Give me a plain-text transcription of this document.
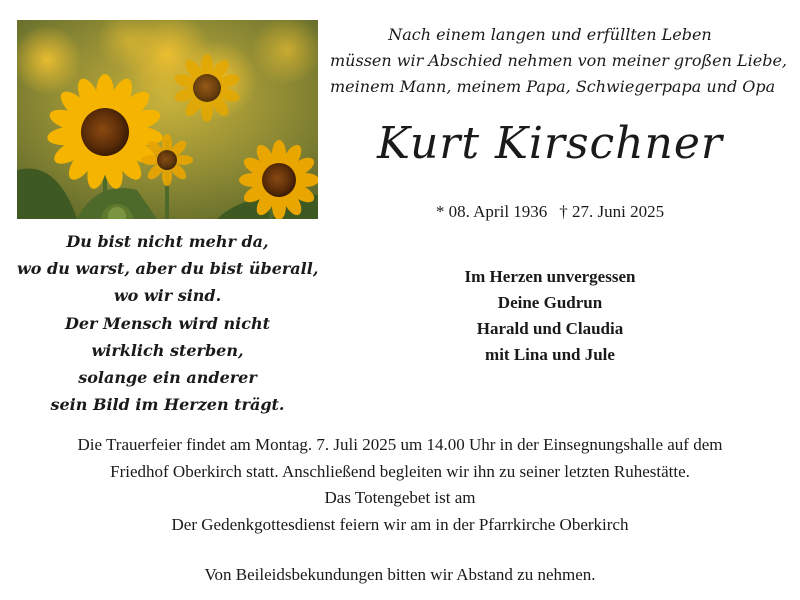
Nach einem langen und erfüllten Leben
müssen wir Abschied nehmen von meiner großen Liebe,
meinem Mann, meinem Papa, Schwiegerpapa und Opa
Kurt Kirschner
* 08. April 1936 † 27. Juni 2025
Im Herzen unvergessen
Deine Gudrun
Harald und Claudia
mit Lina und Jule
Du bist nicht mehr da,
wo du warst, aber du bist überall,
wo wir sind.
Der Mensch wird nicht
wirklich sterben,
solange ein anderer
sein Bild im Herzen trägt.
Die Trauerfeier findet am Montag. 7. Juli 2025 um 14.00 Uhr in der Einsegnungshalle auf dem
Friedhof Oberkirch statt. Anschließend begleiten wir ihn zu seiner letzten Ruhestätte.
Das Totengebet ist am
Der Gedenkgottesdienst feiern wir am in der Pfarrkirche Oberkirch
Von Beileidsbekundungen bitten wir Abstand zu nehmen.
